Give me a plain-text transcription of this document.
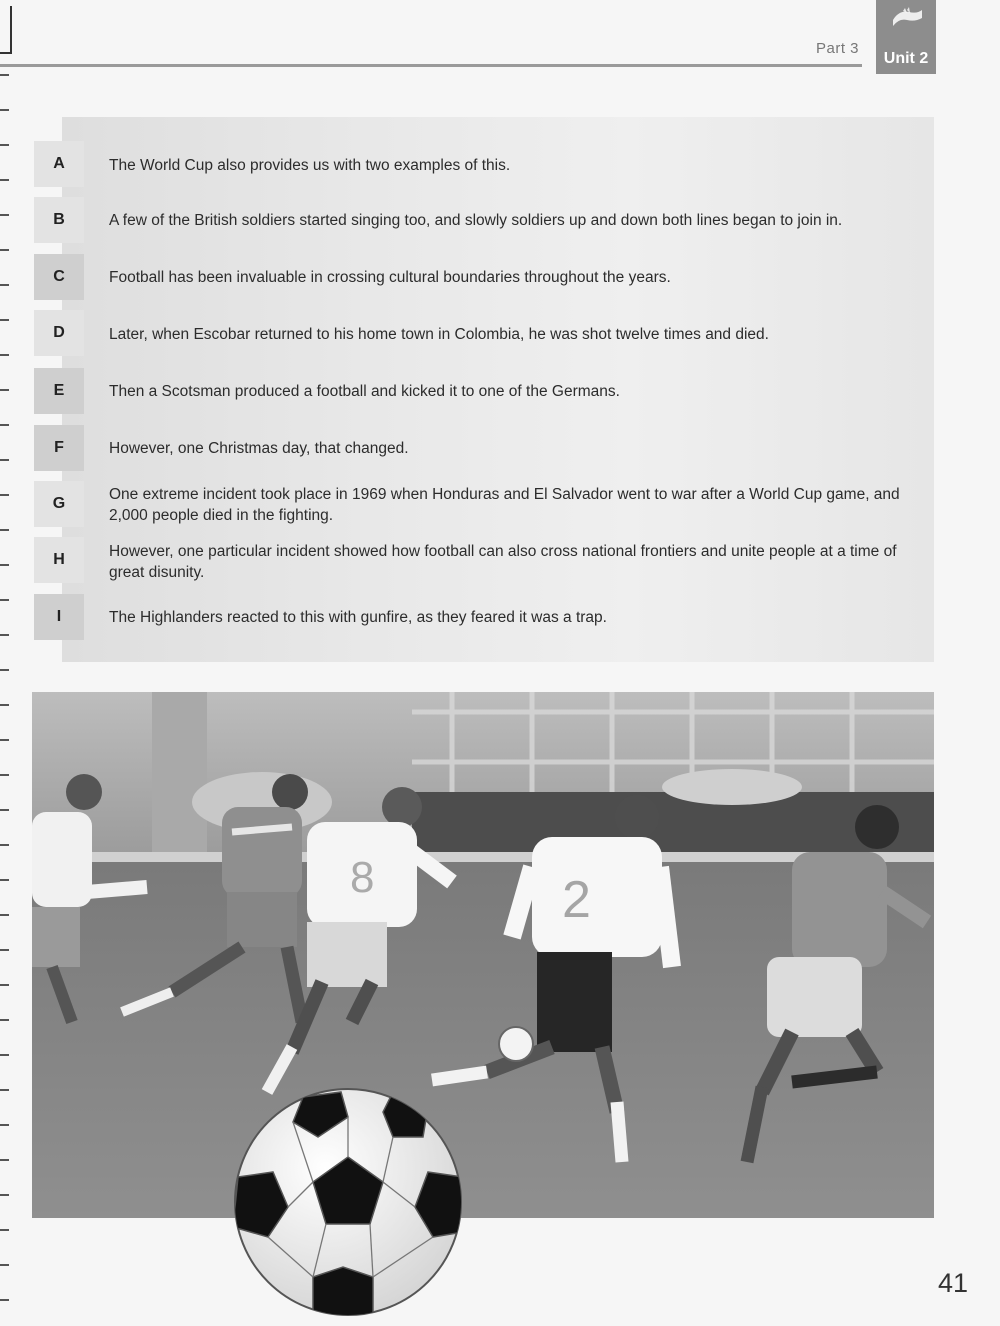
Part 3
Unit 2
A
B
C
D
E
F
G
H
I
The World Cup also provides us with two examples of this.
A few of the British soldiers started singing too, and slowly soldiers up and down both lines began to join in.
Football has been invaluable in crossing cultural boundaries throughout the years.
Later, when Escobar returned to his home town in Colombia, he was shot twelve times and died.
Then a Scotsman produced a football and kicked it to one of the Germans.
However, one Christmas day, that changed.
One extreme incident took place in 1969 when Honduras and El Salvador went to war after a World Cup game, and 2,000 people died in the fighting.
However, one particular incident showed how football can also cross national frontiers and unite people at a time of great disunity.
The Highlanders reacted to this with gunfire, as they feared it was a trap.
8	2
41
